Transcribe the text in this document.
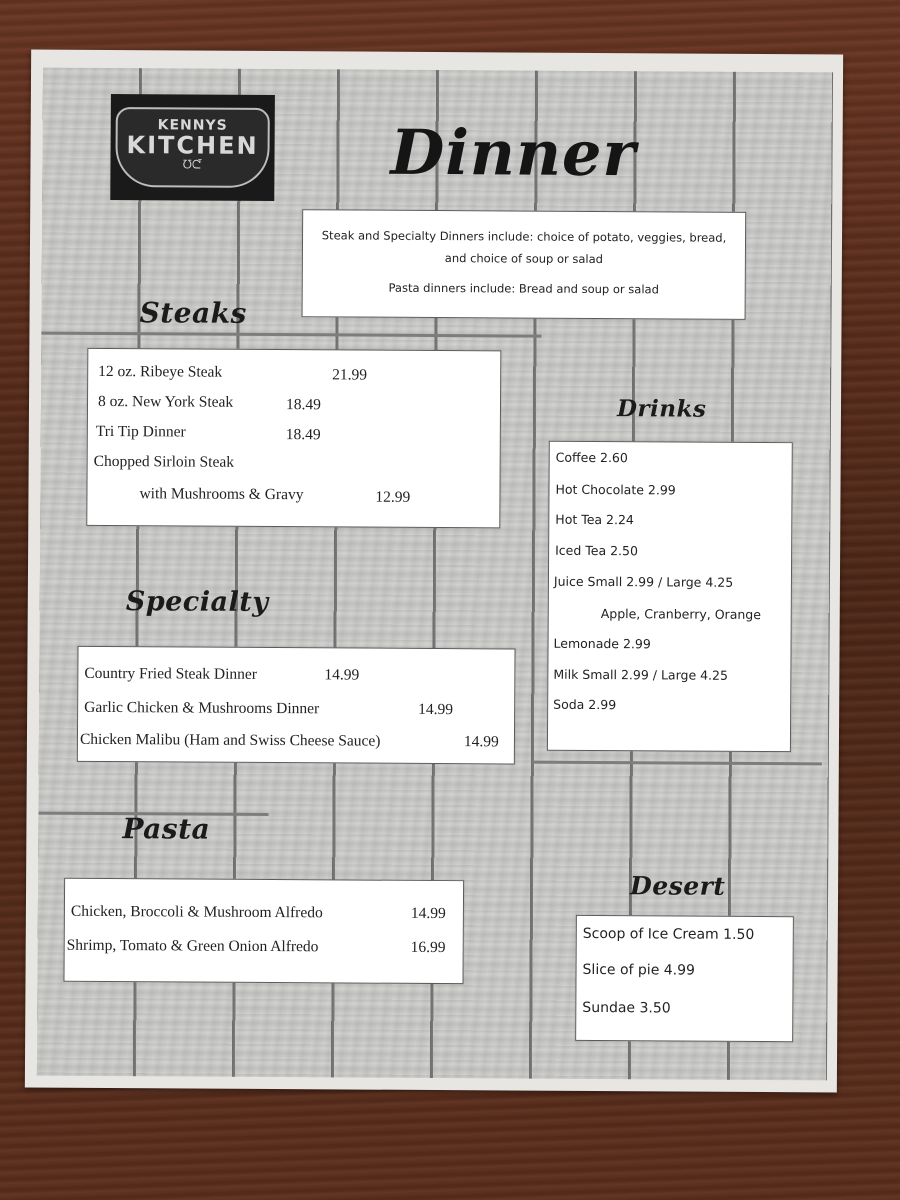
KENNYS
KITCHEN
ᘮᘭ	Dinner
Steak and Specialty Dinners include: choice of potato, veggies, bread,
and choice of soup or salad
Pasta dinners include: Bread and soup or salad
Steaks
12 oz. Ribeye Steak	21.99
8 oz. New York Steak	18.49
Tri Tip Dinner	18.49
Chopped Sirloin Steak
with Mushrooms & Gravy	12.99
Specialty
Country Fried Steak Dinner	14.99
Garlic Chicken & Mushrooms Dinner	14.99
Chicken Malibu (Ham and Swiss Cheese Sauce)	14.99
Pasta
Chicken, Broccoli & Mushroom Alfredo	14.99
Shrimp, Tomato & Green Onion Alfredo	16.99
Drinks
Coffee 2.60
Hot Chocolate 2.99
Hot Tea 2.24
Iced Tea 2.50
Juice Small 2.99 / Large 4.25
Apple, Cranberry, Orange
Lemonade 2.99
Milk Small 2.99 / Large 4.25
Soda 2.99
Desert
Scoop of Ice Cream 1.50
Slice of pie 4.99
Sundae 3.50
